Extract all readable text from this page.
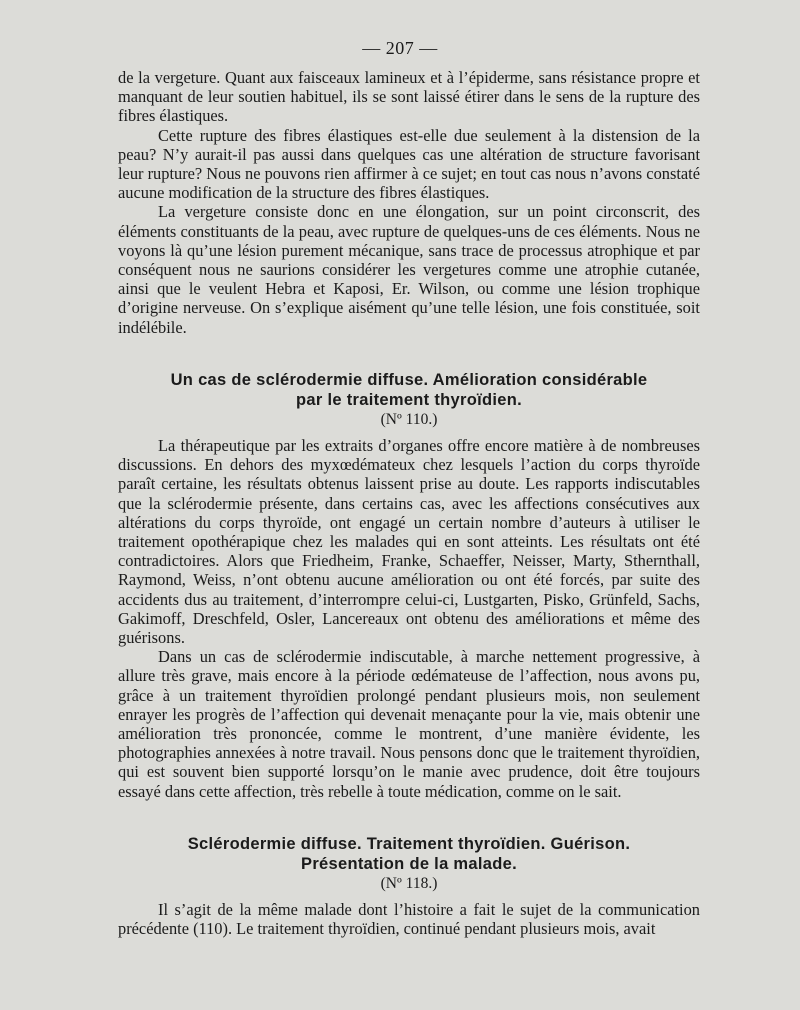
— 207 —

de la vergeture. Quant aux faisceaux lamineux et à l’épiderme, sans résistance propre et manquant de leur soutien habituel, ils se sont laissé étirer dans le sens de la rupture des fibres élastiques.

Cette rupture des fibres élastiques est-elle due seulement à la distension de la peau? N’y aurait-il pas aussi dans quelques cas une altération de structure favorisant leur rupture? Nous ne pouvons rien affirmer à ce sujet; en tout cas nous n’avons constaté aucune modification de la structure des fibres élastiques.

La vergeture consiste donc en une élongation, sur un point circonscrit, des éléments constituants de la peau, avec rupture de quelques-uns de ces éléments. Nous ne voyons là qu’une lésion purement mécanique, sans trace de processus atrophique et par conséquent nous ne saurions considérer les vergetures comme une atrophie cutanée, ainsi que le veulent Hebra et Kaposi, Er. Wilson, ou comme une lésion trophique d’origine nerveuse. On s’explique aisément qu’une telle lésion, une fois constituée, soit indélébile.

Un cas de sclérodermie diffuse. Amélioration considérable
par le traitement thyroïdien.
(Nº 110.)

La thérapeutique par les extraits d’organes offre encore matière à de nombreuses discussions. En dehors des myxœdémateux chez lesquels l’action du corps thyroïde paraît certaine, les résultats obtenus laissent prise au doute. Les rapports indiscutables que la sclérodermie présente, dans certains cas, avec les affections consécutives aux altérations du corps thyroïde, ont engagé un certain nombre d’auteurs à utiliser le traitement opothérapique chez les malades qui en sont atteints. Les résultats ont été contradictoires. Alors que Friedheim, Franke, Schaeffer, Neisser, Marty, Sthernthall, Raymond, Weiss, n’ont obtenu aucune amélioration ou ont été forcés, par suite des accidents dus au traitement, d’interrompre celui-ci, Lustgarten, Pisko, Grünfeld, Sachs, Gakimoff, Dreschfeld, Osler, Lancereaux ont obtenu des améliorations et même des guérisons.

Dans un cas de sclérodermie indiscutable, à marche nettement progressive, à allure très grave, mais encore à la période œdémateuse de l’affection, nous avons pu, grâce à un traitement thyroïdien prolongé pendant plusieurs mois, non seulement enrayer les progrès de l’affection qui devenait menaçante pour la vie, mais obtenir une amélioration très prononcée, comme le montrent, d’une manière évidente, les photographies annexées à notre travail. Nous pensons donc que le traitement thyroïdien, qui est souvent bien supporté lorsqu’on le manie avec prudence, doit être toujours essayé dans cette affection, très rebelle à toute médication, comme on le sait.

Sclérodermie diffuse. Traitement thyroïdien. Guérison.
Présentation de la malade.
(Nº 118.)

Il s’agit de la même malade dont l’histoire a fait le sujet de la communication précédente (110). Le traitement thyroïdien, continué pendant plusieurs mois, avait
